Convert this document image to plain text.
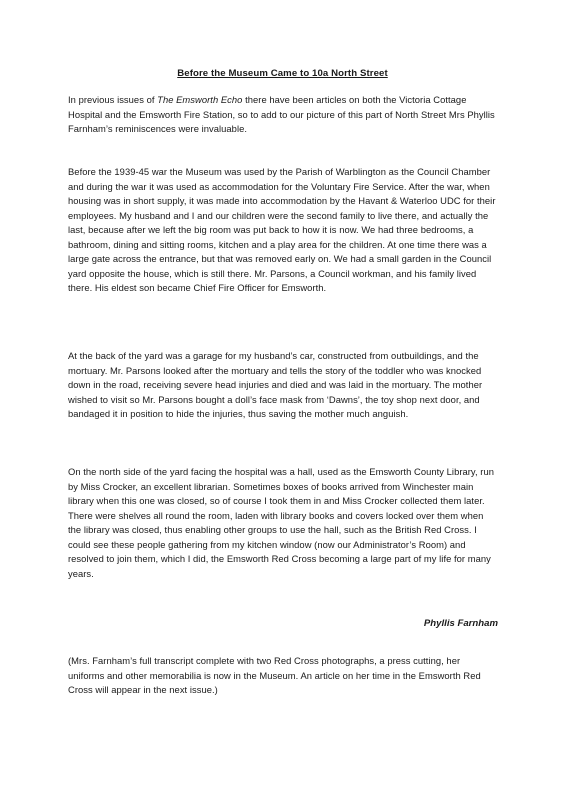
Before the Museum Came to 10a North Street

In previous issues of The Emsworth Echo there have been articles on both the Victoria Cottage Hospital and the Emsworth Fire Station, so to add to our picture of this part of North Street Mrs Phyllis Farnham’s reminiscences were invaluable.

Before the 1939-45 war the Museum was used by the Parish of Warblington as the Council Chamber and during the war it was used as accommodation for the Voluntary Fire Service. After the war, when housing was in short supply, it was made into accommodation by the Havant & Waterloo UDC for their employees. My husband and I and our children were the second family to live there, and actually the last, because after we left the big room was put back to how it is now. We had three bedrooms, a bathroom, dining and sitting rooms, kitchen and a play area for the children. At one time there was a large gate across the entrance, but that was removed early on. We had a small garden in the Council yard opposite the house, which is still there. Mr. Parsons, a Council workman, and his family lived there. His eldest son became Chief Fire Officer for Emsworth.

At the back of the yard was a garage for my husband’s car, constructed from outbuildings, and the mortuary. Mr. Parsons looked after the mortuary and tells the story of the toddler who was knocked down in the road, receiving severe head injuries and died and was laid in the mortuary. The mother wished to visit so Mr. Parsons bought a doll’s face mask from ‘Dawns’, the toy shop next door, and bandaged it in position to hide the injuries, thus saving the mother much anguish.

On the north side of the yard facing the hospital was a hall, used as the Emsworth County Library, run by Miss Crocker, an excellent librarian. Sometimes boxes of books arrived from Winchester main library when this one was closed, so of course I took them in and Miss Crocker collected them later. There were shelves all round the room, laden with library books and covers locked over them when the library was closed, thus enabling other groups to use the hall, such as the British Red Cross. I could see these people gathering from my kitchen window (now our Administrator’s Room) and resolved to join them, which I did, the Emsworth Red Cross becoming a large part of my life for many years.

Phyllis Farnham

(Mrs. Farnham’s full transcript complete with two Red Cross photographs, a press cutting, her uniforms and other memorabilia is now in the Museum. An article on her time in the Emsworth Red Cross will appear in the next issue.)
